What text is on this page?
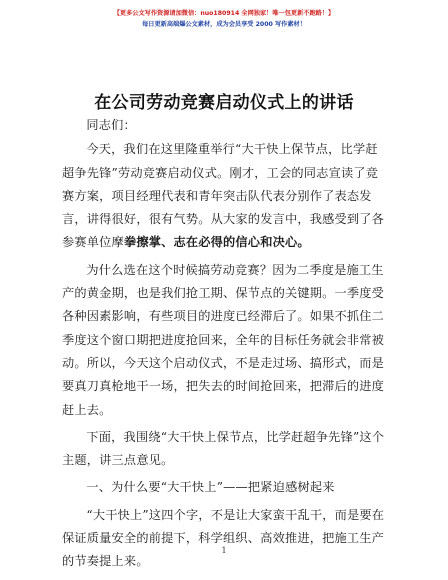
【更多公文写作资源请加微信：nuo180914 全网独家！唯一包更新不跑路！】
每日更新高端爆公文素材，成为会员享受 2000 写作素材！
在公司劳动竞赛启动仪式上的讲话

同志们：

今天，我们在这里隆重举行“大干快上保节点，比学赶超争先锋”劳动竞赛启动仪式。刚才，工会的同志宣读了竞赛方案，项目经理代表和青年突击队代表分别作了表态发言，讲得很好，很有气势。从大家的发言中，我感受到了各参赛单位摩拳擦掌、志在必得的信心和决心。

为什么选在这个时候搞劳动竞赛？因为二季度是施工生产的黄金期，也是我们抢工期、保节点的关键期。一季度受各种因素影响，有些项目的进度已经滞后了。如果不抓住二季度这个窗口期把进度抢回来，全年的目标任务就会非常被动。所以，今天这个启动仪式，不是走过场、搞形式，而是要真刀真枪地干一场，把失去的时间抢回来，把滞后的进度赶上去。

下面，我围绕“大干快上保节点，比学赶超争先锋”这个主题，讲三点意见。

一、为什么要“大干快上”——把紧迫感树起来

“大干快上”这四个字，不是让大家蛮干乱干，而是要在保证质量安全的前提下，科学组织、高效推进，把施工生产的节奏提上来。

1
